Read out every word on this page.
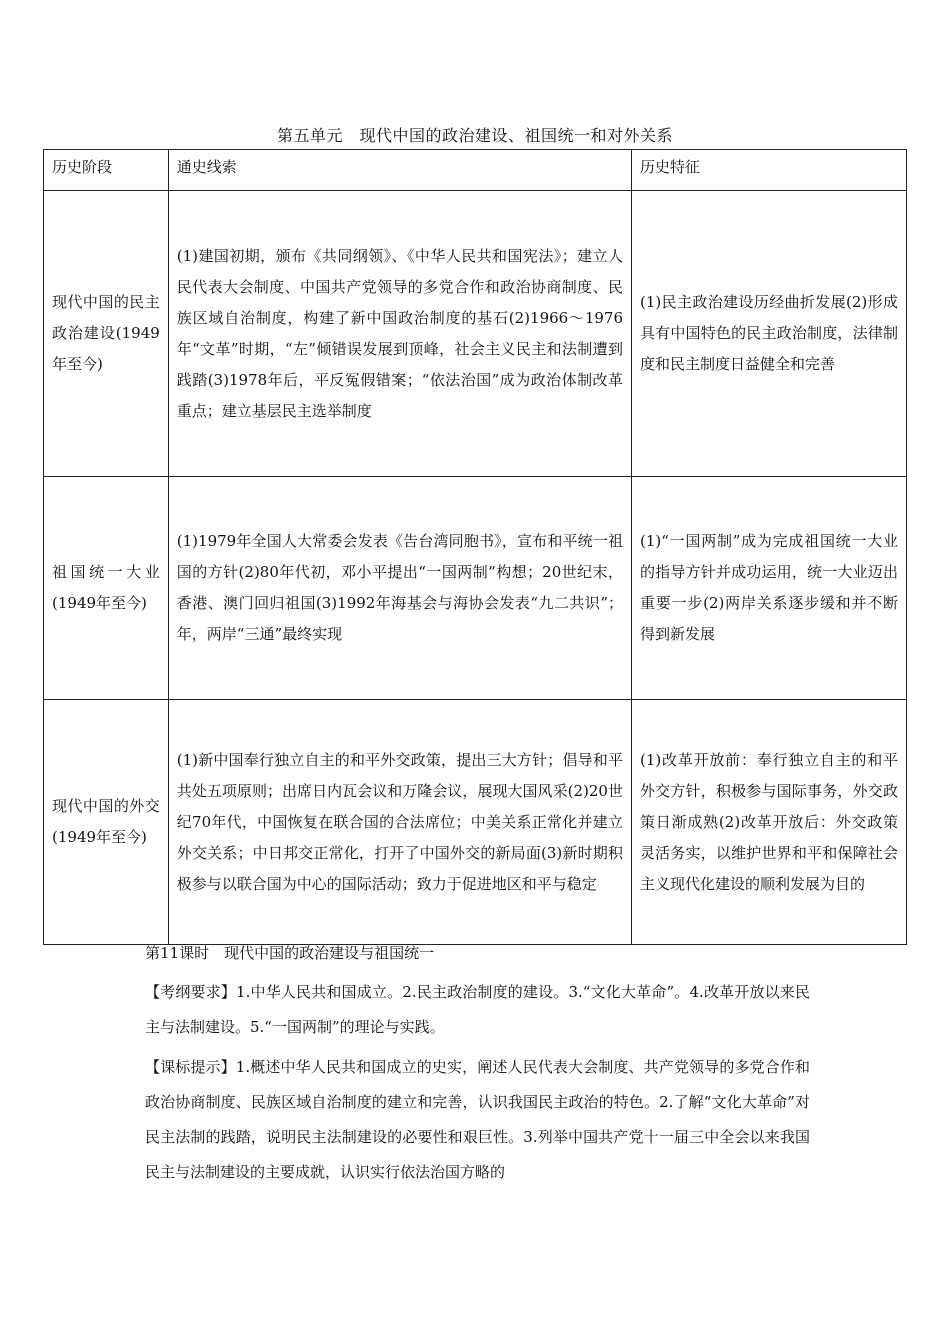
第五单元　现代中国的政治建设、祖国统一和对外关系
历史阶段	通史线索	历史特征
现代中国的民主政治建设(1949年至今)	(1)建国初期，颁布《共同纲领》、《中华人民共和国宪法》；建立人民代表大会制度、中国共产党领导的多党合作和政治协商制度、民族区域自治制度，构建了新中国政治制度的基石(2)1966～1976年“文革”时期，“左”倾错误发展到顶峰，社会主义民主和法制遭到践踏(3)1978年后，平反冤假错案；“依法治国”成为政治体制改革重点；建立基层民主选举制度	(1)民主政治建设历经曲折发展(2)形成具有中国特色的民主政治制度，法律制度和民主制度日益健全和完善
祖国统一大业(1949年至今)	(1)1979年全国人大常委会发表《告台湾同胞书》，宣布和平统一祖国的方针(2)80年代初，邓小平提出“一国两制”构想；20世纪末，香港、澳门回归祖国(3)1992年海基会与海协会发表“九二共识”；年，两岸“三通”最终实现	(1)“一国两制”成为完成祖国统一大业的指导方针并成功运用，统一大业迈出重要一步(2)两岸关系逐步缓和并不断得到新发展
现代中国的外交(1949年至今)	(1)新中国奉行独立自主的和平外交政策，提出三大方针；倡导和平共处五项原则；出席日内瓦会议和万隆会议，展现大国风采(2)20世纪70年代，中国恢复在联合国的合法席位；中美关系正常化并建立外交关系；中日邦交正常化，打开了中国外交的新局面(3)新时期积极参与以联合国为中心的国际活动；致力于促进地区和平与稳定	(1)改革开放前：奉行独立自主的和平外交方针，积极参与国际事务，外交政策日渐成熟(2)改革开放后：外交政策灵活务实，以维护世界和平和保障社会主义现代化建设的顺利发展为目的
第11课时　现代中国的政治建设与祖国统一
【考纲要求】1.中华人民共和国成立。2.民主政治制度的建设。3.“文化大革命”。4.改革开放以来民主与法制建设。5.“一国两制”的理论与实践。
【课标提示】1.概述中华人民共和国成立的史实，阐述人民代表大会制度、共产党领导的多党合作和政治协商制度、民族区域自治制度的建立和完善，认识我国民主政治的特色。2.了解“文化大革命”对民主法制的践踏，说明民主法制建设的必要性和艰巨性。3.列举中国共产党十一届三中全会以来我国民主与法制建设的主要成就，认识实行依法治国方略的
